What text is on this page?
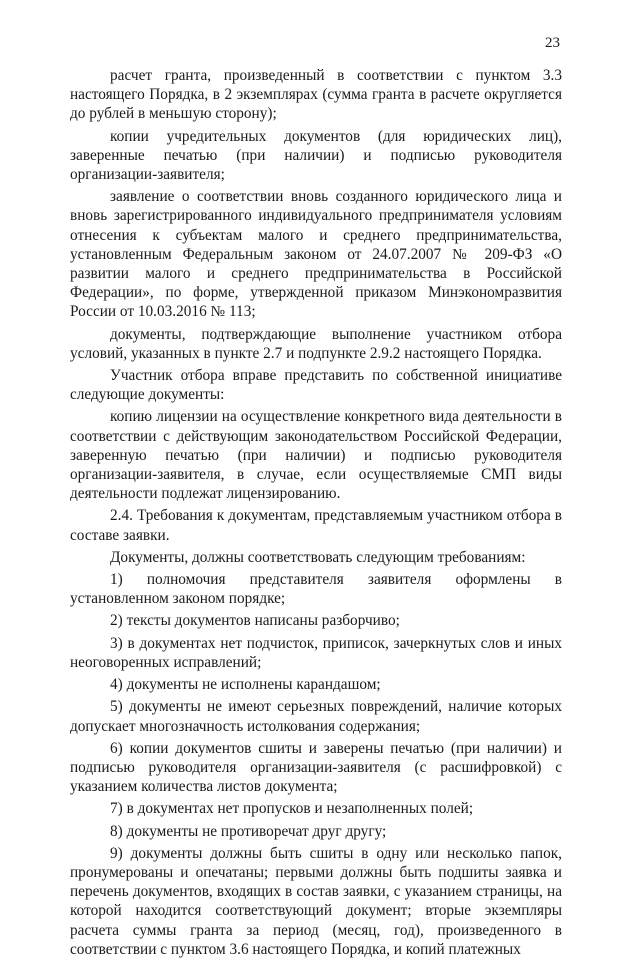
23

расчет гранта, произведенный в соответствии с пунктом 3.3 настоящего Порядка, в 2 экземплярах (сумма гранта в расчете округляется до рублей в меньшую сторону);

копии учредительных документов (для юридических лиц), заверенные печатью (при наличии) и подписью руководителя организации-заявителя;

заявление о соответствии вновь созданного юридического лица и вновь зарегистрированного индивидуального предпринимателя условиям отнесения к субъектам малого и среднего предпринимательства, установленным Федеральным законом от 24.07.2007 № 209-ФЗ «О развитии малого и среднего предпринимательства в Российской Федерации», по форме, утвержденной приказом Минэкономразвития России от 10.03.2016 № 113;

документы, подтверждающие выполнение участником отбора условий, указанных в пункте 2.7 и подпункте 2.9.2 настоящего Порядка.

Участник отбора вправе представить по собственной инициативе следующие документы:

копию лицензии на осуществление конкретного вида деятельности в соответствии с действующим законодательством Российской Федерации, заверенную печатью (при наличии) и подписью руководителя организации-заявителя, в случае, если осуществляемые СМП виды деятельности подлежат лицензированию.

2.4. Требования к документам, представляемым участником отбора в составе заявки.

Документы, должны соответствовать следующим требованиям:

1) полномочия представителя заявителя оформлены в установленном законом порядке;

2) тексты документов написаны разборчиво;

3) в документах нет подчисток, приписок, зачеркнутых слов и иных неоговоренных исправлений;

4) документы не исполнены карандашом;

5) документы не имеют серьезных повреждений, наличие которых допускает многозначность истолкования содержания;

6) копии документов сшиты и заверены печатью (при наличии) и подписью руководителя организации-заявителя (с расшифровкой) с указанием количества листов документа;

7) в документах нет пропусков и незаполненных полей;

8) документы не противоречат друг другу;

9) документы должны быть сшиты в одну или несколько папок, пронумерованы и опечатаны; первыми должны быть подшиты заявка и перечень документов, входящих в состав заявки, с указанием страницы, на которой находится соответствующий документ; вторые экземпляры расчета суммы гранта за период (месяц, год), произведенного в соответствии с пунктом 3.6 настоящего Порядка, и копий платежных
